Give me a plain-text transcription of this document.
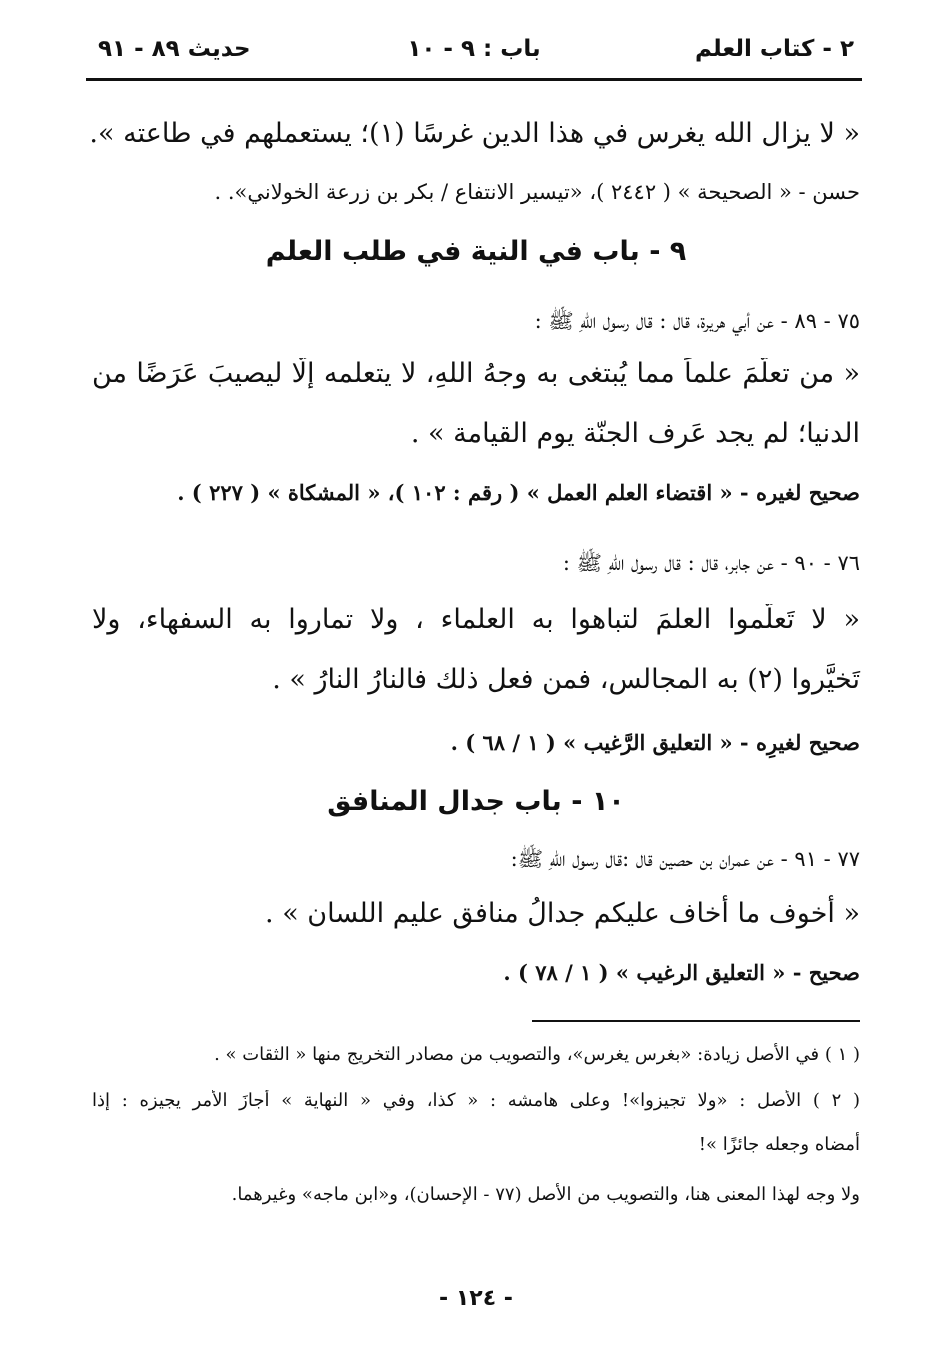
٢ - كتاب العلم
باب : ٩ - ١٠
حديث ٨٩ - ٩١
« لا يزال الله يغرس في هذا الدين غرسًا (١)؛ يستعملهم في طاعته ».
حسن - « الصحيحة » ( ٢٤٤٢ )، «تيسير الانتفاع / بكر بن زرعة الخولاني». .
٩ - باب في النية في طلب العلم
٧٥ - ٨٩ - عن أبي هريرة، قال : قال رسول اللهِ ﷺ :
« من تعلَّمَ علماً مما يُبتغى به وجهُ اللهِ، لا يتعلمه إلّا ليصيبَ عَرَضًا من
الدنيا؛ لم يجد عَرف الجنّة يوم القيامة » .
صحيح لغيره - « اقتضاء العلم العمل » ( رقم : ١٠٢ )، « المشكاة » ( ٢٢٧ ) .
٧٦ - ٩٠ - عن جابر، قال : قال رسول اللهِ ﷺ :
« لا تَعلَّموا العلمَ لتباهوا به العلماء ، ولا تماروا به السفهاء، ولا
تَخيَّروا (٢) به المجالس، فمن فعل ذلك فالنارُ النارُ » .
صحيح لغيرِه - « التعليق الرَّغيب » ( ١ / ٦٨ ) .
١٠ - باب جدال المنافق
٧٧ - ٩١ - عن عمران بن حصين قال :قال رسول اللهِ ﷺ:
« أخوف ما أخاف عليكم جدالُ منافق عليم اللسان » .
صحيح - « التعليق الرغيب » ( ١ / ٧٨ ) .
( ١ ) في الأصل زيادة: «بغرس يغرس»، والتصويب من مصادر التخريج منها « الثقات » .
( ٢ ) الأصل : «ولا تجيزوا»! وعلى هامشه : « كذا، وفي « النهاية » أجازَ الأمر يجيزه : إذا
أمضاه وجعله جائزًا »!
ولا وجه لهذا المعنى هنا، والتصويب من الأصل (٧٧ - الإحسان)، و«ابن ماجه» وغيرهما.
- ١٢٤ -
